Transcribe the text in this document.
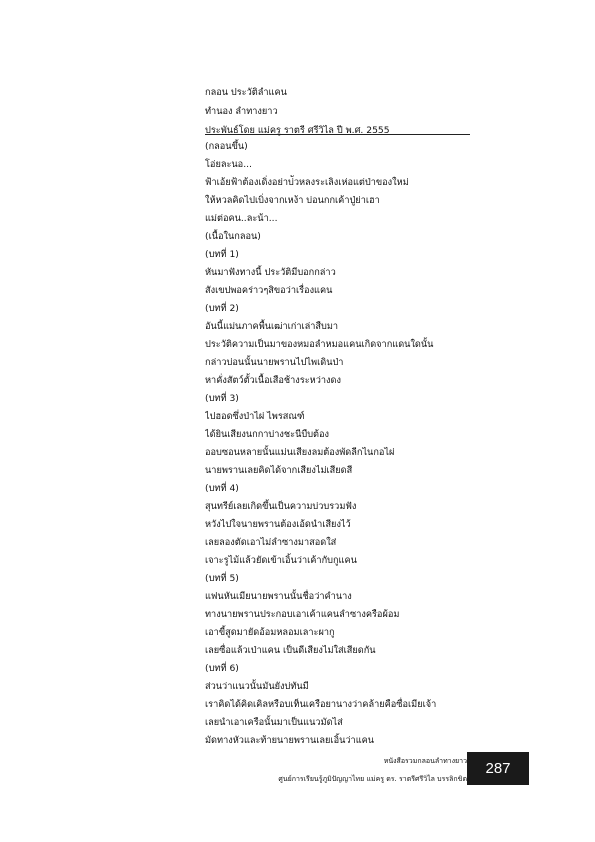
กลอน ประวัติลำแคน
ทำนอง ลำทางยาว
ประพันธ์โดย แม่ครู ราตรี ศรีวิไล ปี พ.ศ. 2555
(กลอนขึ้น)
โอ่ยละนอ...
ฟ้าเอ้ยฟ้าต้องเดิ่งอย่าบ่ัวหลงระเลิงเห่อแต่ป่าของใหม่
ให้หวลคิดไปเบิ่งจากเหง้า บ่อนกกเค้าปู่ย่าเฮา
แม่ต่อคน..ละน้า...
(เนื้อในกลอน)
(บทที่ 1)
หันมาฟังทางนี้ ประวัติมีบอกกล่าว
สังเขปพอคร่าวๆสิขอว่าเรื่องแคน
(บทที่ 2)
อันนี้แม่นภาคพื้นเฒ่าเก่าเล่าสืบมา
ประวัติความเป็นมาของหมอลำหมอแคนเกิดจากแดนใดนั้น
กล่าวบ่อนนั้นนายพรานไปไพเดินป่า
หาคั่งสัตว์ตั้วเนื้อเสือช้างระหว่างดง
(บทที่ 3)
ไปฮอดซึ่งป่าไผ่ ไพรสณฑ์
ได้ยินเสียงนกกาบ่างชะนีบืบต้อง
ออบซอนหลายนั้นแม่นเสียงลมต้องพัดลีกไนกอไผ่
นายพรานเลยคิดได้จากเสียงไม่เสียดสี
(บทที่ 4)
สุนทรีย์เลยเกิดขึ้นเป็นความบ่วบรวมฟัง
หวังไปใจนายพรานต้องเอ้ดนำเสียงไว้
เลยลองตัดเอาไม่ลำซางมาสอดใส่
เจาะรูไม้แล้วยัดเข้าเอิ้นว่าเค้ากับกูแคน
(บทที่ 5)
แฟนหันเมียนายพรานนั้นชื่อว่าคำนาง
ทางนายพรานประกอบเอาเค้าแคนลำซางครือผ้อม
เอาขี้สูดมายัดอ้อมหลอมเลาะผากู
เลยซื่อแล้วเป่าแคน เป็นดีเสียงไม่ใส่เสียดกัน
(บทที่ 6)
ส่วนว่าแนวนั้นมันยังบ่ทันมี
เราคิดได้คิดเคิลหรือบเท็นเครือยานางว่าคล้ายคือซื่อเมียเจ้า
เลยนำเอาเครือนั้นมาเป็นแนวมัดไส่
มัดทางหัวและท้ายนายพรานเลยเอิ้นว่าแคน
หนังสือรวมกลอนลำทางยาว
ศูนย์การเรียนรู้ภูมิปัญญาไทย แม่ครู ดร. ราตรีศรีวิไล บรรลิกขิต
287
